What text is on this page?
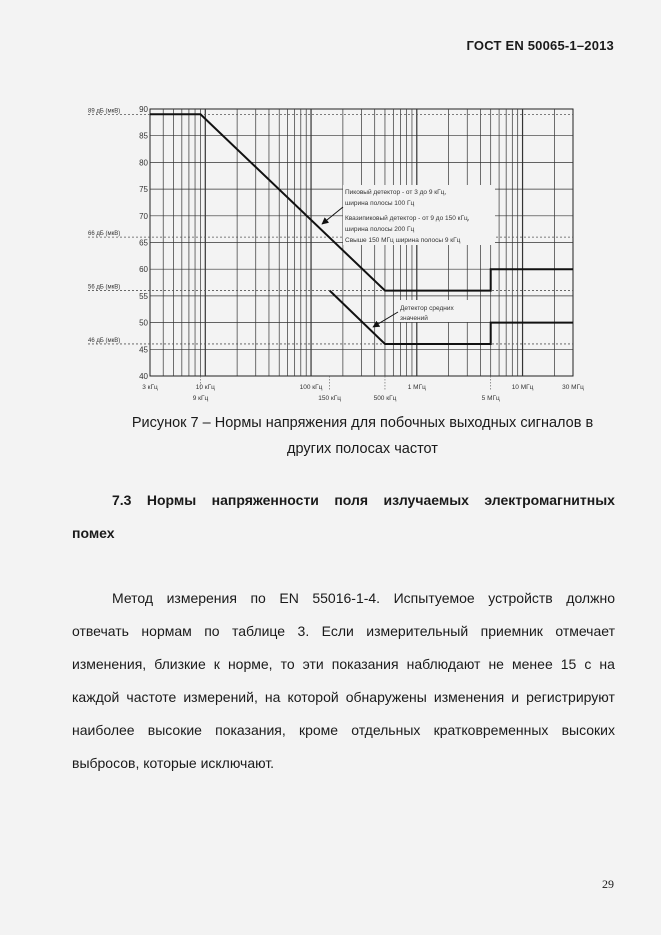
ГОСТ EN 50065-1–2013
40
45
50
55
60
65
70
75
80
85
90
89 дБ (мкВ)
66 дБ (мкВ)
56 дБ (мкВ)
46 дБ (мкВ)
3 кГц	10 кГц	100 кГц	1 МГц	10 МГц	30 МГц
9 кГц	150 кГц	500 кГц	5 МГц
Пиковый детектор - от 3 до 9 кГц,
ширина полосы 100 Гц
Квазипиковый детектор - от 9 до 150 кГц,
ширина полосы 200 Гц
Свыше 150 МГц ширина полосы 9 кГц
Детектор средних
значений
Рисунок 7 – Нормы напряжения для побочных выходных сигналов в
других полосах частот
7.3 Нормы напряженности поля излучаемых электромагнитных
помех
Метод измерения по EN 55016-1-4. Испытуемое устройств должно
отвечать нормам по таблице 3. Если измерительный приемник отмечает
изменения, близкие к норме, то эти показания наблюдают не менее 15 с на
каждой частоте измерений, на которой обнаружены изменения и регистрируют
наиболее высокие показания, кроме отдельных кратковременных высоких
выбросов, которые исключают.
29
